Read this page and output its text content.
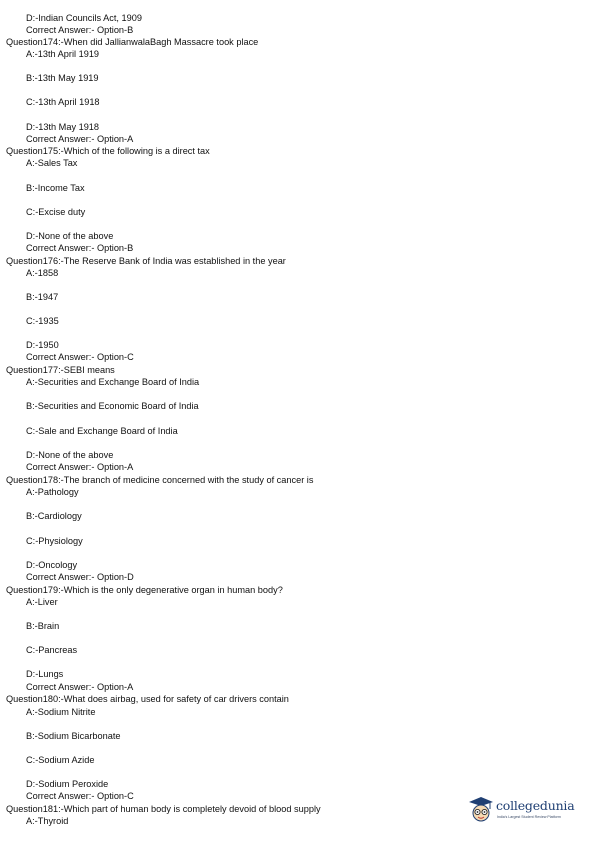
D:-Indian Councils Act, 1909
Correct Answer:- Option-B
Question174:-When did JallianwalaBagh Massacre took place
A:-13th April 1919
B:-13th May 1919
C:-13th April 1918
D:-13th May 1918
Correct Answer:- Option-A
Question175:-Which of the following is a direct tax
A:-Sales Tax
B:-Income Tax
C:-Excise duty
D:-None of the above
Correct Answer:- Option-B
Question176:-The Reserve Bank of India was established in the year
A:-1858
B:-1947
C:-1935
D:-1950
Correct Answer:- Option-C
Question177:-SEBI means
A:-Securities and Exchange Board of India
B:-Securities and Economic Board of India
C:-Sale and Exchange Board of India
D:-None of the above
Correct Answer:- Option-A
Question178:-The branch of medicine concerned with the study of cancer is
A:-Pathology
B:-Cardiology
C:-Physiology
D:-Oncology
Correct Answer:- Option-D
Question179:-Which is the only degenerative organ in human body?
A:-Liver
B:-Brain
C:-Pancreas
D:-Lungs
Correct Answer:- Option-A
Question180:-What does airbag, used for safety of car drivers contain
A:-Sodium Nitrite
B:-Sodium Bicarbonate
C:-Sodium Azide
D:-Sodium Peroxide
Correct Answer:- Option-C
Question181:-Which part of human body is completely devoid of blood supply
A:-Thyroid
collegedunia
India's Largest Student Review Platform
